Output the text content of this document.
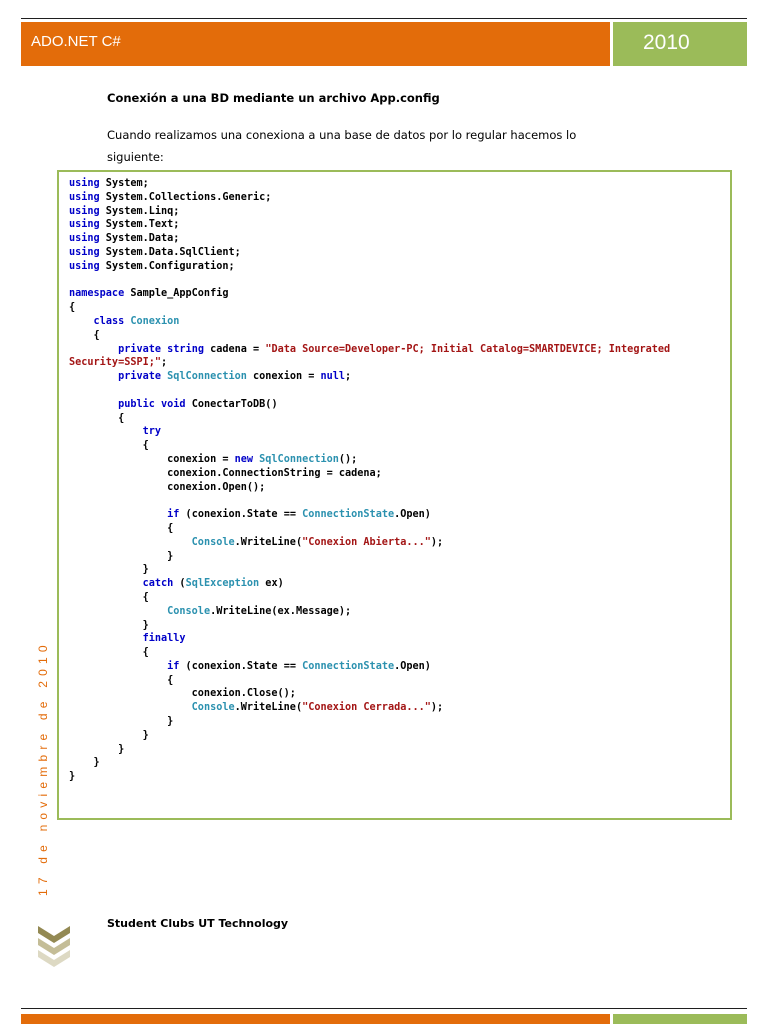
ADO.NET C#	2010
Conexión a una BD mediante un archivo App.config
Cuando realizamos una conexiona a una base de datos por lo regular hacemos lo siguiente:
using System;
using System.Collections.Generic;
using System.Linq;
using System.Text;
using System.Data;
using System.Data.SqlClient;
using System.Configuration;

namespace Sample_AppConfig
{
class Conexion
{
private string cadena = "Data Source=Developer-PC; Initial Catalog=SMARTDEVICE; Integrated
Security=SSPI;";
private SqlConnection conexion = null;

public void ConectarToDB()
{
try
{
conexion = new SqlConnection();
conexion.ConnectionString = cadena;
conexion.Open();

if (conexion.State == ConnectionState.Open)
{
Console.WriteLine("Conexion Abierta...");
}
}
catch (SqlException ex)
{
Console.WriteLine(ex.Message);
}
finally
{
if (conexion.State == ConnectionState.Open)
{
conexion.Close();
Console.WriteLine("Conexion Cerrada...");
}
}
}
}
}
17 de noviembre de 2010
Student Clubs UT Technology
